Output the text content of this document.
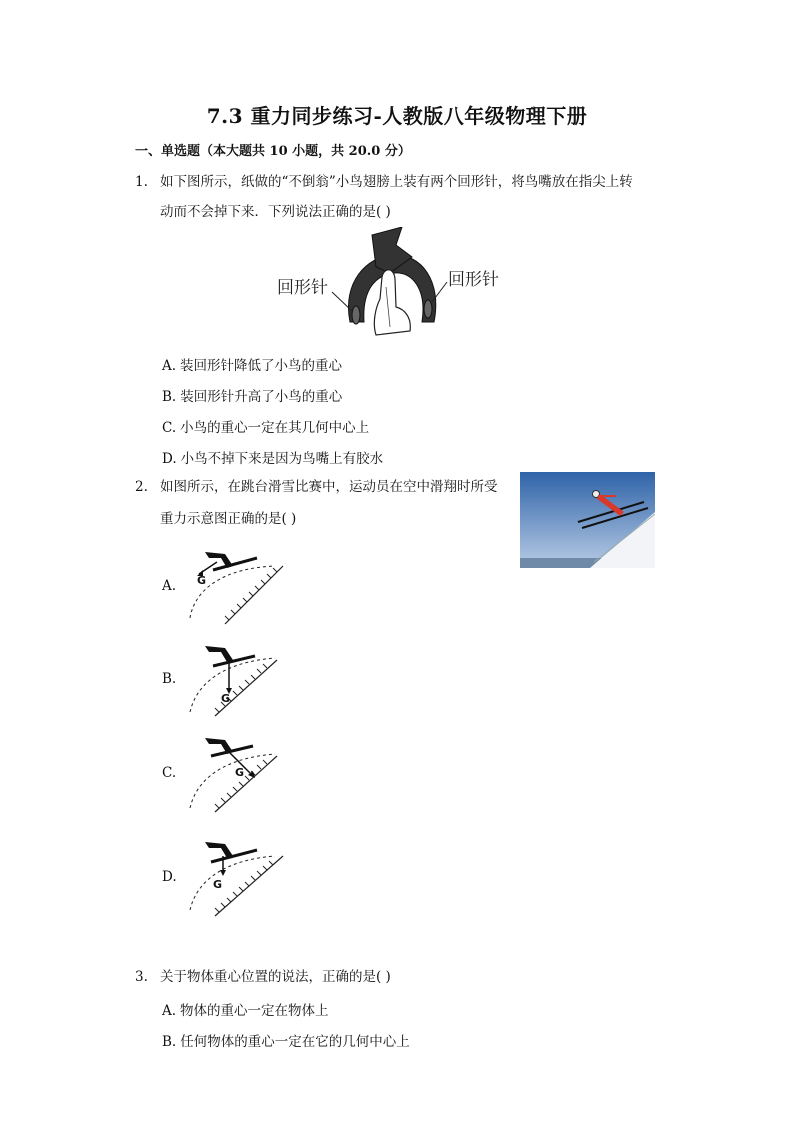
7.3 重力同步练习-人教版八年级物理下册
一、单选题（本大题共 10 小题，共 20.0 分）
1. 如下图所示，纸做的“不倒翁”小鸟翅膀上装有两个回形针，将鸟嘴放在指尖上转
动而不会掉下来．下列说法正确的是( )
回形针	回形针
A. 装回形针降低了小鸟的重心
B. 装回形针升高了小鸟的重心
C. 小鸟的重心一定在其几何中心上
D. 小鸟不掉下来是因为鸟嘴上有胶水
2. 如图所示，在跳台滑雪比赛中，运动员在空中滑翔时所受
重力示意图正确的是( )
A. G
B.
G
C.	G
D.	G
3. 关于物体重心位置的说法，正确的是( )
A. 物体的重心一定在物体上
B. 任何物体的重心一定在它的几何中心上
